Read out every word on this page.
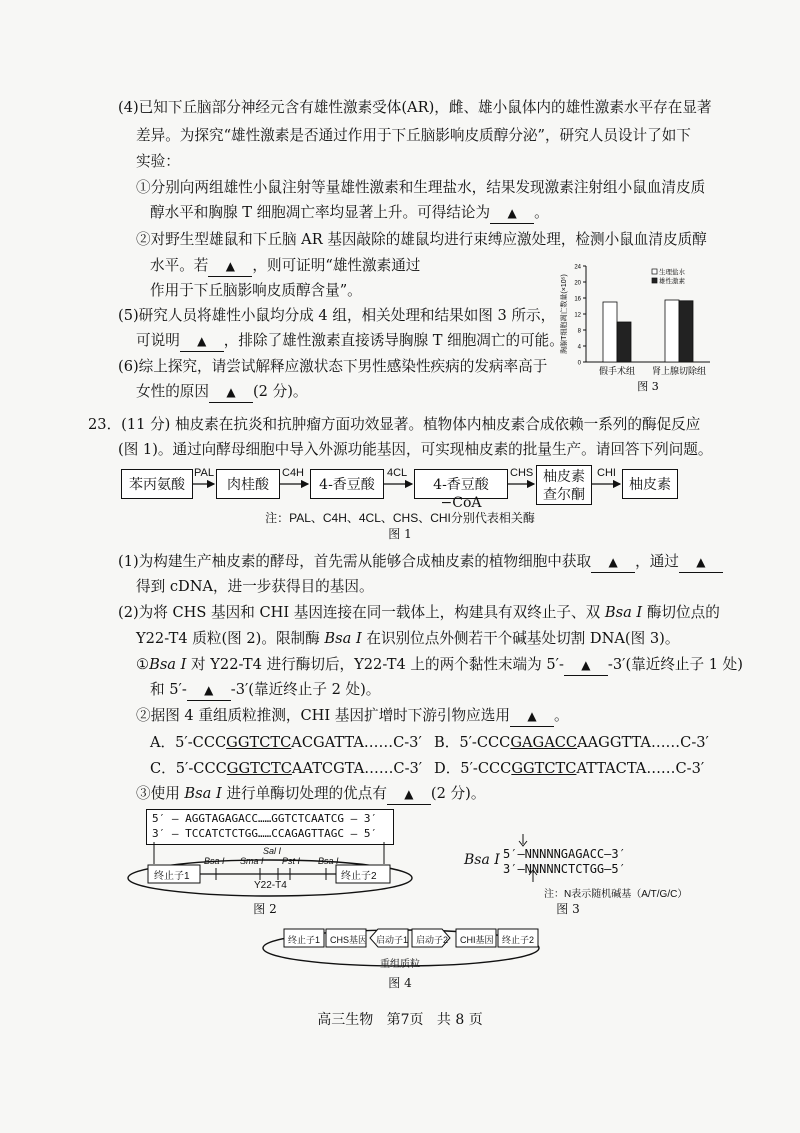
(4)已知下丘脑部分神经元含有雄性激素受体(AR)，雌、雄小鼠体内的雄性激素水平存在显著
差异。为探究“雄性激素是否通过作用于下丘脑影响皮质醇分泌”，研究人员设计了如下
实验：
①分别向两组雄性小鼠注射等量雄性激素和生理盐水，结果发现激素注射组小鼠血清皮质
醇水平和胸腺 T 细胞凋亡率均显著上升。可得结论为 ▲ 。
②对野生型雄鼠和下丘脑 AR 基因敲除的雄鼠均进行束缚应激处理，检测小鼠血清皮质醇
水平。若 ▲ ，则可证明“雄性激素通过
作用于下丘脑影响皮质醇含量”。
(5)研究人员将雄性小鼠均分成 4 组，相关处理和结果如图 3 所示，
可说明 ▲ ，排除了雄性激素直接诱导胸腺 T 细胞凋亡的可能。
(6)综上探究，请尝试解释应激状态下男性感染性疾病的发病率高于
女性的原因 ▲ (2 分)。
0
4
8
12
16
20
24
胸腺T细胞凋亡数量(×10⁵)
假手术组 肾上腺切除组
生理盐水
雄性激素
图 3
23．(11 分) 柚皮素在抗炎和抗肿瘤方面功效显著。植物体内柚皮素合成依赖一系列的酶促反应
(图 1)。通过向酵母细胞中导入外源功能基因，可实现柚皮素的批量生产。请回答下列问题。
苯丙氨酸	肉桂酸	4-香豆酸	4-香豆酸−CoA
柚皮素
查尔酮
柚皮素
PAL	C4H	4CL	CHS	CHI
注：PAL、C4H、4CL、CHS、CHI分别代表相关酶
图 1
(1)为构建生产柚皮素的酵母，首先需从能够合成柚皮素的植物细胞中获取 ▲ ，通过 ▲
得到 cDNA，进一步获得目的基因。
(2)为将 CHS 基因和 CHI 基因连接在同一载体上，构建具有双终止子、双 Bsa I 酶切位点的
Y22-T4 质粒(图 2)。限制酶 Bsa I 在识别位点外侧若干个碱基处切割 DNA(图 3)。
①Bsa I 对 Y22-T4 进行酶切后，Y22-T4 上的两个黏性末端为 5′- ▲ -3′(靠近终止子 1 处)
和 5′- ▲ -3′(靠近终止子 2 处)。
②据图 4 重组质粒推测，CHI 基因扩增时下游引物应选用 ▲ 。
A．5′-CCCGGTCTCACGATTA……C-3′ B．5′-CCCGAGACCAAGGTTA……C-3′
C．5′-CCCGGTCTCAATCGTA……C-3′ D．5′-CCCGGTCTCATTACTA……C-3′
③使用 Bsa I 进行单酶切处理的优点有 ▲ (2 分)。
5′ – AGGTAGAGACC……GGTCTCAATCG – 3′
3′ – TCCATCTCTGG……CCAGAGTTAGC – 5′
终止子1	终止子2
Bsa I Sma I
Sal I
Pst I Bsa I
Y22-T4
图 2
Bsa I 5′–NNNNNGAGACC–3′
3′–NNNNNCTCTGG–5′
注：N表示随机碱基（A/T/G/C）
图 3
终止子1 CHS基因 启动子1 启动子2 CHI基因 终止子2
重组质粒
图 4
高三生物   第7页   共 8 页
